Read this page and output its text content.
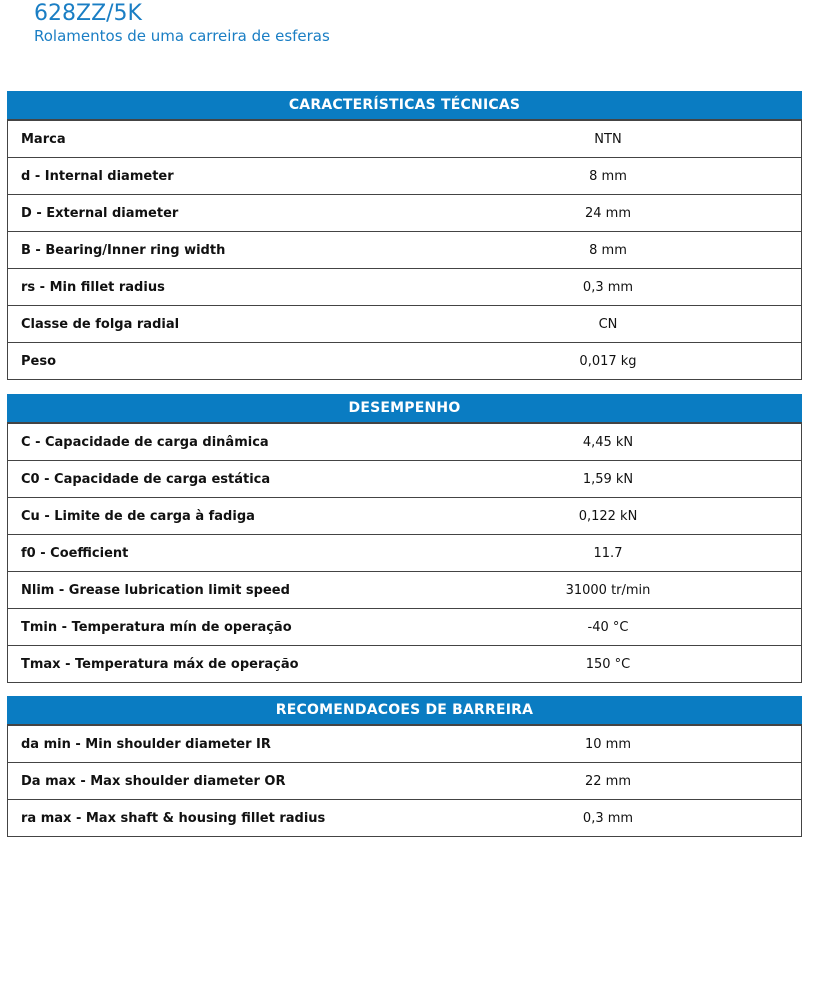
628ZZ/5K

Rolamentos de uma carreira de esferas

CARACTERÍSTICAS TÉCNICAS
Marca	NTN
d - Internal diameter	8 mm
D - External diameter	24 mm
B - Bearing/Inner ring width	8 mm
rs - Min fillet radius	0,3 mm
Classe de folga radial	CN
Peso	0,017 kg
DESEMPENHO
C - Capacidade de carga dinâmica	4,45 kN
C0 - Capacidade de carga estática	1,59 kN
Cu - Limite de de carga à fadiga	0,122 kN
f0 - Coefficient	11.7
Nlim - Grease lubrication limit speed	31000 tr/min
Tmin - Temperatura mín de operação	-40 °C
Tmax - Temperatura máx de operação	150 °C
RECOMENDACOES DE BARREIRA
da min - Min shoulder diameter IR	10 mm
Da max - Max shoulder diameter OR	22 mm
ra max - Max shaft & housing fillet radius	0,3 mm
